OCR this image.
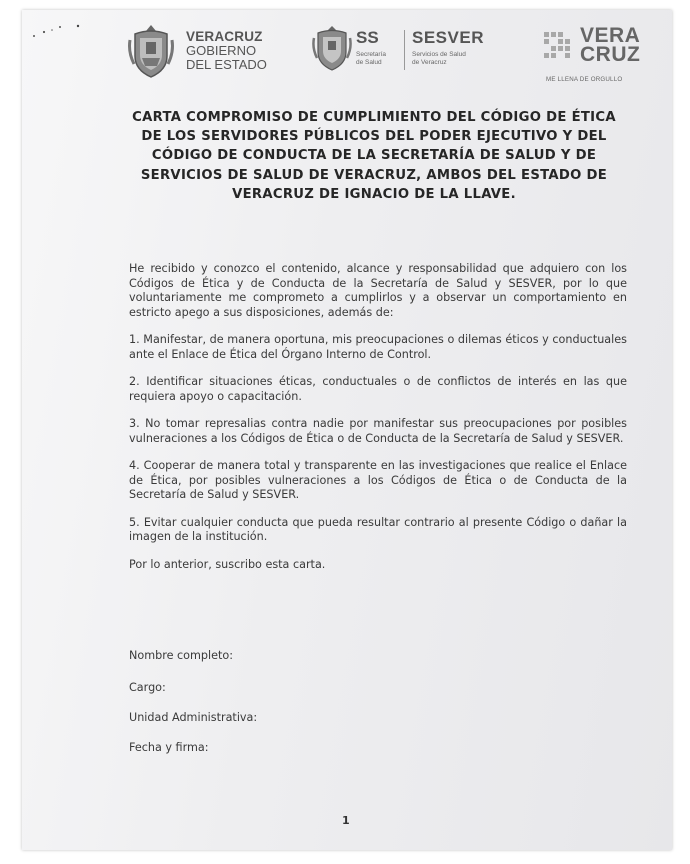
VERACRUZ
GOBIERNO
DEL ESTADO
SS
Secretaría
de Salud
SESVER
Servicios de Salud
de Veracruz
VERA
CRUZ
ME LLENA DE ORGULLO
CARTA COMPROMISO DE CUMPLIMIENTO DEL CÓDIGO DE ÉTICA DE LOS SERVIDORES PÚBLICOS DEL PODER EJECUTIVO Y DEL CÓDIGO DE CONDUCTA DE LA SECRETARÍA DE SALUD Y DE SERVICIOS DE SALUD DE VERACRUZ, AMBOS DEL ESTADO DE VERACRUZ DE IGNACIO DE LA LLAVE.

He recibido y conozco el contenido, alcance y responsabilidad que adquiero con los Códigos de Ética y de Conducta de la Secretaría de Salud y SESVER, por lo que voluntariamente me comprometo a cumplirlos y a observar un comportamiento en estricto apego a sus disposiciones, además de:

1. Manifestar, de manera oportuna, mis preocupaciones o dilemas éticos y conductuales ante el Enlace de Ética del Órgano Interno de Control.

2. Identificar situaciones éticas, conductuales o de conflictos de interés en las que requiera apoyo o capacitación.

3. No tomar represalias contra nadie por manifestar sus preocupaciones por posibles vulneraciones a los Códigos de Ética o de Conducta de la Secretaría de Salud y SESVER.

4. Cooperar de manera total y transparente en las investigaciones que realice el Enlace de Ética, por posibles vulneraciones a los Códigos de Ética o de Conducta de la Secretaría de Salud y SESVER.

5. Evitar cualquier conducta que pueda resultar contrario al presente Código o dañar la imagen de la institución.

Por lo anterior, suscribo esta carta.

Nombre completo:
Cargo:
Unidad Administrativa:
Fecha y firma:
1
